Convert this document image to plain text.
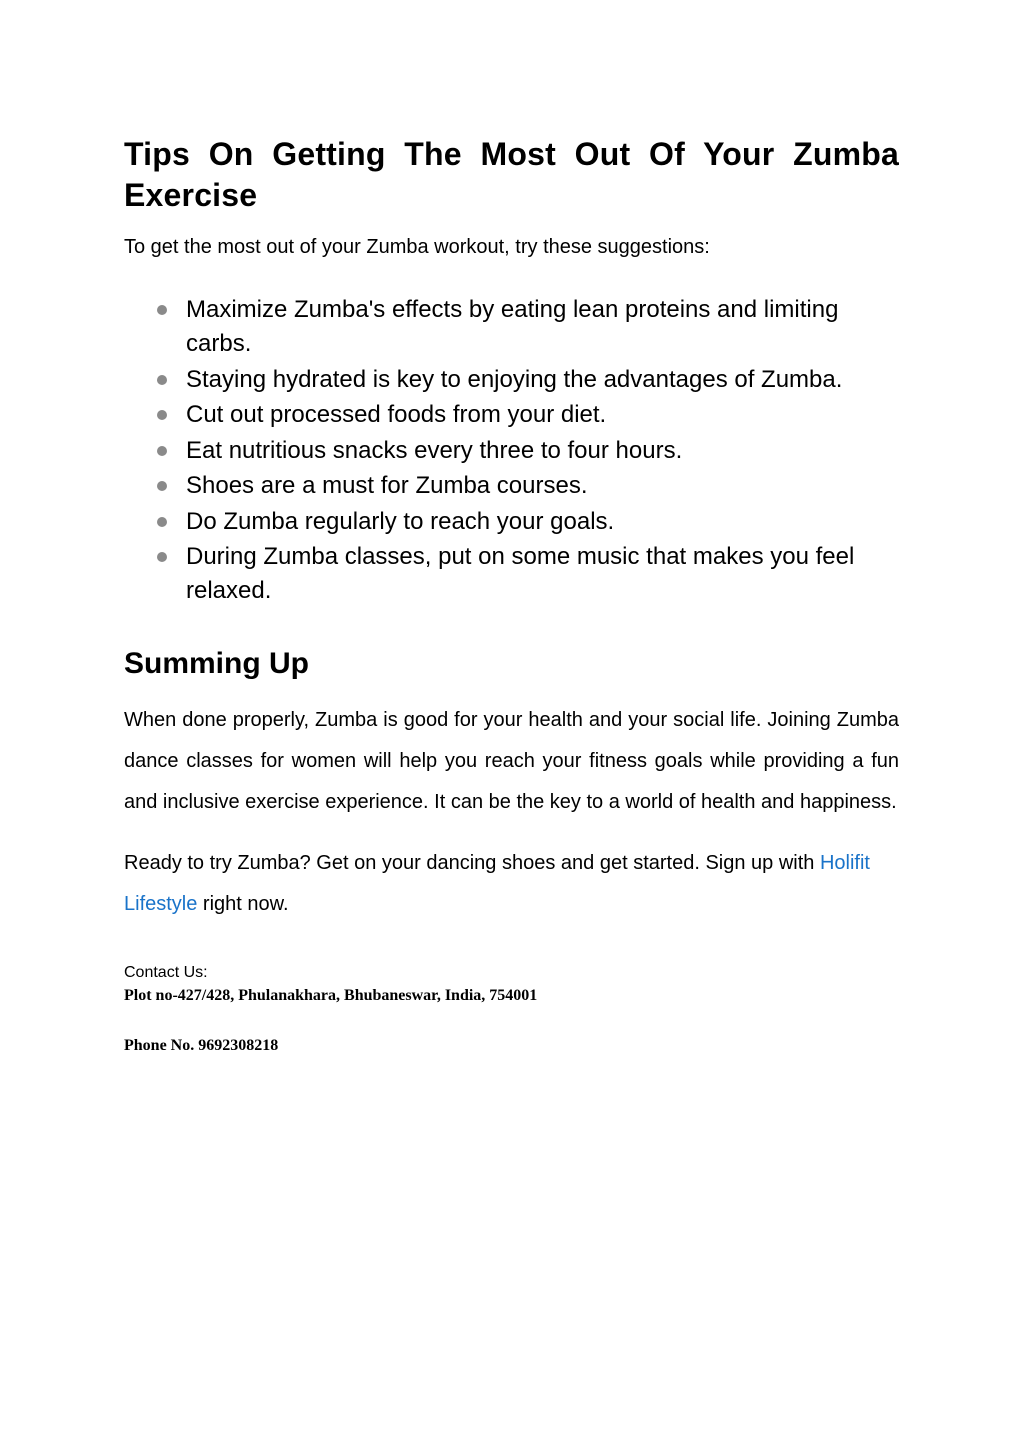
Tips On Getting The Most Out Of Your Zumba Exercise

To get the most out of your Zumba workout, try these suggestions:

Maximize Zumba's effects by eating lean proteins and limiting carbs.
Staying hydrated is key to enjoying the advantages of Zumba.
Cut out processed foods from your diet.
Eat nutritious snacks every three to four hours.
Shoes are a must for Zumba courses.
Do Zumba regularly to reach your goals.
During Zumba classes, put on some music that makes you feel relaxed.
Summing Up

When done properly, Zumba is good for your health and your social life. Joining Zumba dance classes for women will help you reach your fitness goals while providing a fun and inclusive exercise experience. It can be the key to a world of health and happiness.

Ready to try Zumba? Get on your dancing shoes and get started. Sign up with Holifit Lifestyle right now.

Contact Us:

Plot no-427/428, Phulanakhara, Bhubaneswar, India, 754001

Phone No. 9692308218
